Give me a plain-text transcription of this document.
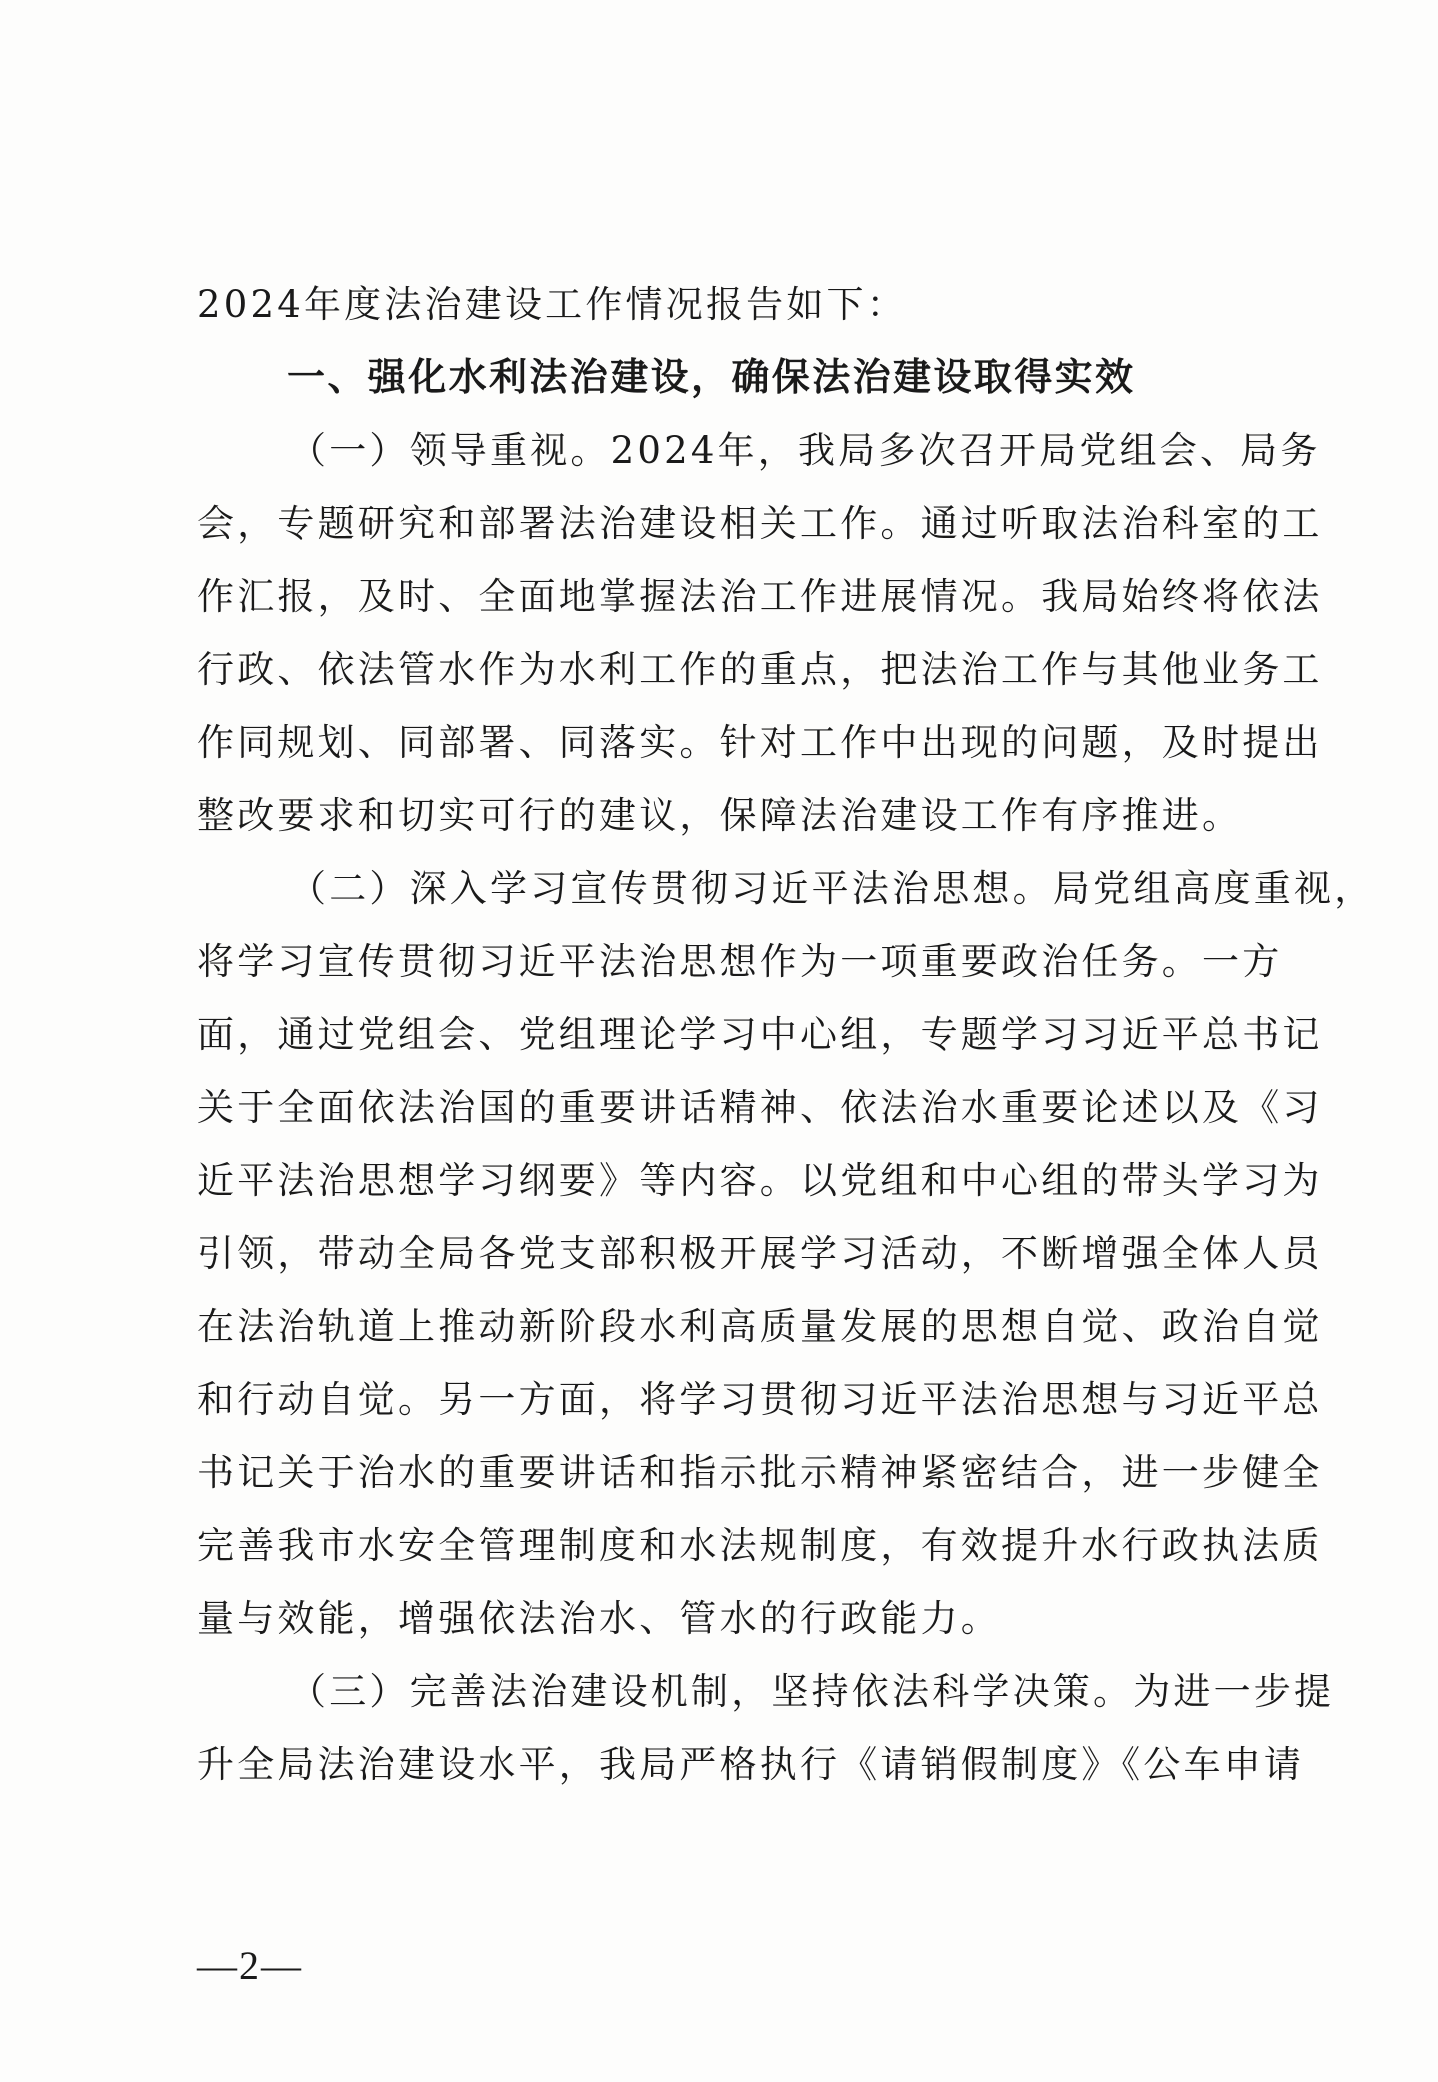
2024年度法治建设工作情况报告如下：

一、强化水利法治建设，确保法治建设取得实效

（一）领导重视。2024年，我局多次召开局党组会、局务

会，专题研究和部署法治建设相关工作。通过听取法治科室的工

作汇报，及时、全面地掌握法治工作进展情况。我局始终将依法

行政、依法管水作为水利工作的重点，把法治工作与其他业务工

作同规划、同部署、同落实。针对工作中出现的问题，及时提出

整改要求和切实可行的建议，保障法治建设工作有序推进。

（二）深入学习宣传贯彻习近平法治思想。局党组高度重视，

将学习宣传贯彻习近平法治思想作为一项重要政治任务。一方

面，通过党组会、党组理论学习中心组，专题学习习近平总书记

关于全面依法治国的重要讲话精神、依法治水重要论述以及《习

近平法治思想学习纲要》等内容。以党组和中心组的带头学习为

引领，带动全局各党支部积极开展学习活动，不断增强全体人员

在法治轨道上推动新阶段水利高质量发展的思想自觉、政治自觉

和行动自觉。另一方面，将学习贯彻习近平法治思想与习近平总

书记关于治水的重要讲话和指示批示精神紧密结合，进一步健全

完善我市水安全管理制度和水法规制度，有效提升水行政执法质

量与效能，增强依法治水、管水的行政能力。

（三）完善法治建设机制，坚持依法科学决策。为进一步提

升全局法治建设水平，我局严格执行《请销假制度》《公车申请

—2—
